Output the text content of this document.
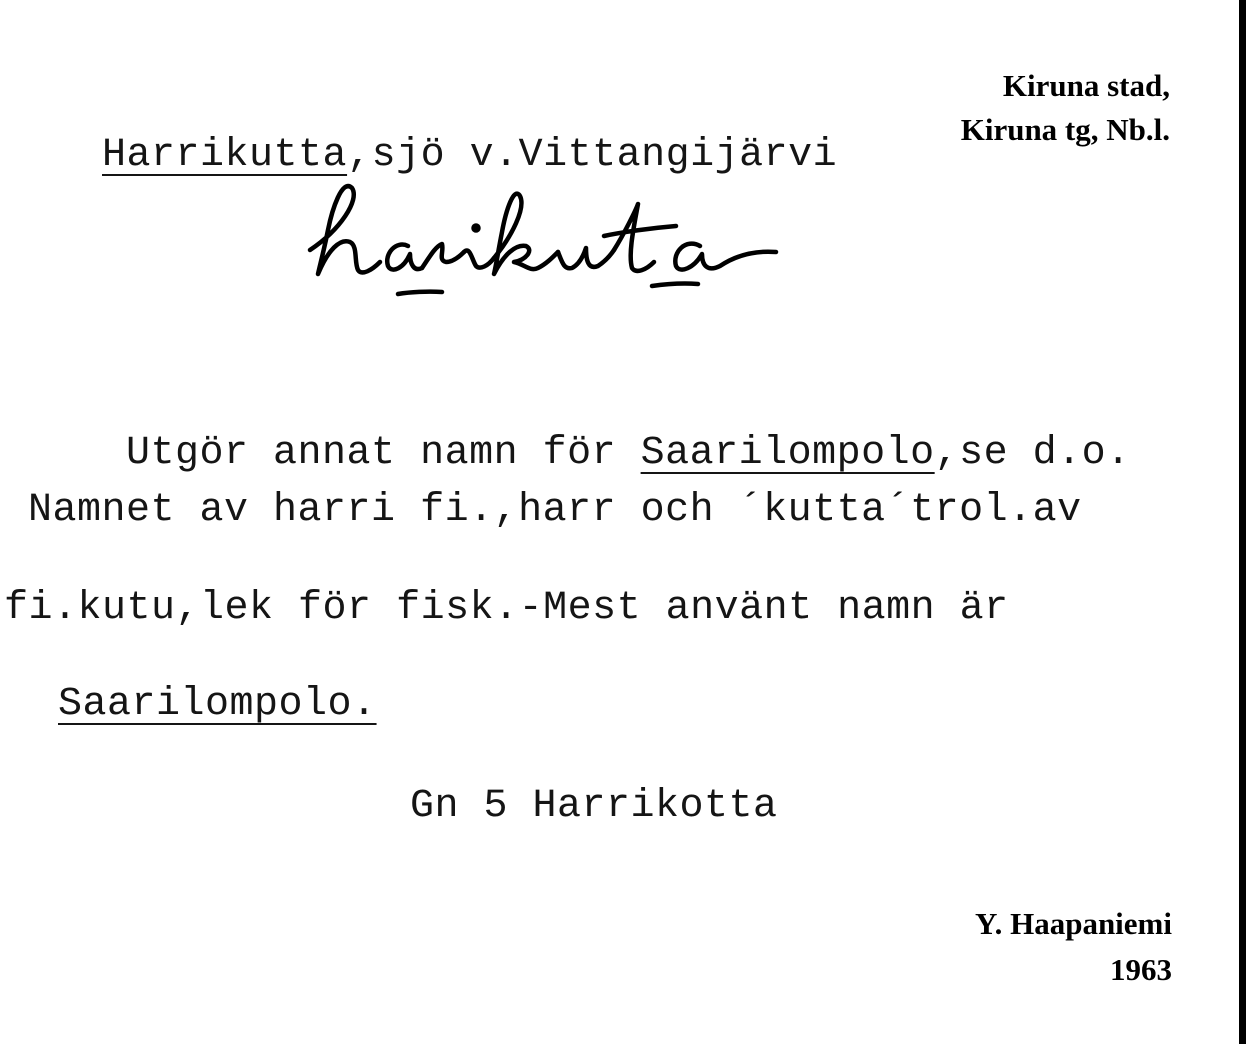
Harrikutta,sjö v.Vittangijärvi

Kiruna stad,
Kiruna tg, Nb.l.

Utgör annat namn för Saarilompolo,se d.o.

Namnet av harri fi.,harr och ´kutta´trol.av
fi.kutu,lek för fisk.-Mest använt namn är
Saarilompolo.
Gn 5 Harrikotta
Y. Haapaniemi
1963
